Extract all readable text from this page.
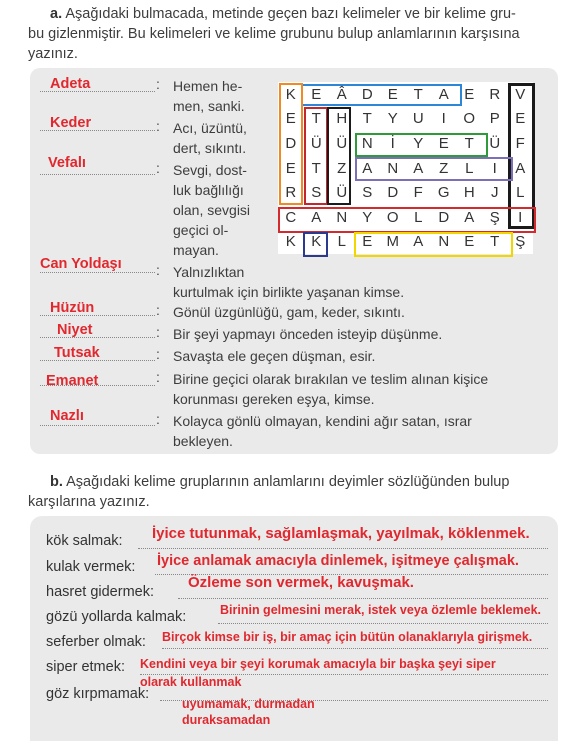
a. Aşağıdaki bulmacada, metinde geçen bazı kelimeler ve bir kelime gru-
bu gizlenmiştir. Bu kelimeleri ve kelime grubunu bulup anlamlarının karşısına
yazınız.
K	E	Â	D	E	T	A	E	R	V
E	T	H	T	Y	U	I	O	P	E
D	Ü	Ü	N	İ	Y	E	T	Ü	F
E	T	Z	A	N	A	Z	L	I	A
R	S	Ü	S	D	F	G	H	J	L
C	A	N	Y	O	L	D	A	Ş	I
K	K	L	E	M	A	N	E	T	Ş
Adeta	: Hemen he-
men, sanki.
Keder	: Acı, üzüntü,
dert, sıkıntı.
Vefalı	: Sevgi, dost-
luk bağlılığı
olan, sevgisi
geçici ol-
mayan.
Can Yoldaşı : Yalnızlıktan
kurtulmak için birlikte yaşanan kimse.
Hüzün	: Gönül üzgünlüğü, gam, keder, sıkıntı.
Niyet	: Bir şeyi yapmayı önceden isteyip düşünme.
Tutsak	: Savaşta ele geçen düşman, esir.
Emanet	: Birine geçici olarak bırakılan ve teslim alınan kişice
korunması gereken eşya, kimse.
Nazlı	: Kolayca gönlü olmayan, kendini ağır satan, ısrar
bekleyen.
b. Aşağıdaki kelime gruplarının anlamlarını deyimler sözlüğünden bulup
karşılarına yazınız.
kök salmak: İyice tutunmak, sağlamlaşmak, yayılmak, köklenmek.
kulak vermek: İyice anlamak amacıyla dinlemek, işitmeye çalışmak.
hasret gidermek:
Özleme son vermek, kavuşmak.
gözü yollarda kalmak:	Birinin gelmesini merak, istek veya özlemle beklemek.
seferber olmak: Birçok kimse bir iş, bir amaç için bütün olanaklarıyla girişmek.
siper etmek: Kendini veya bir şeyi korumak amacıyla bir başka şeyi siper
olarak kullanmak
göz kırpmamak:
uyumamak, durmadan
duraksamadan
